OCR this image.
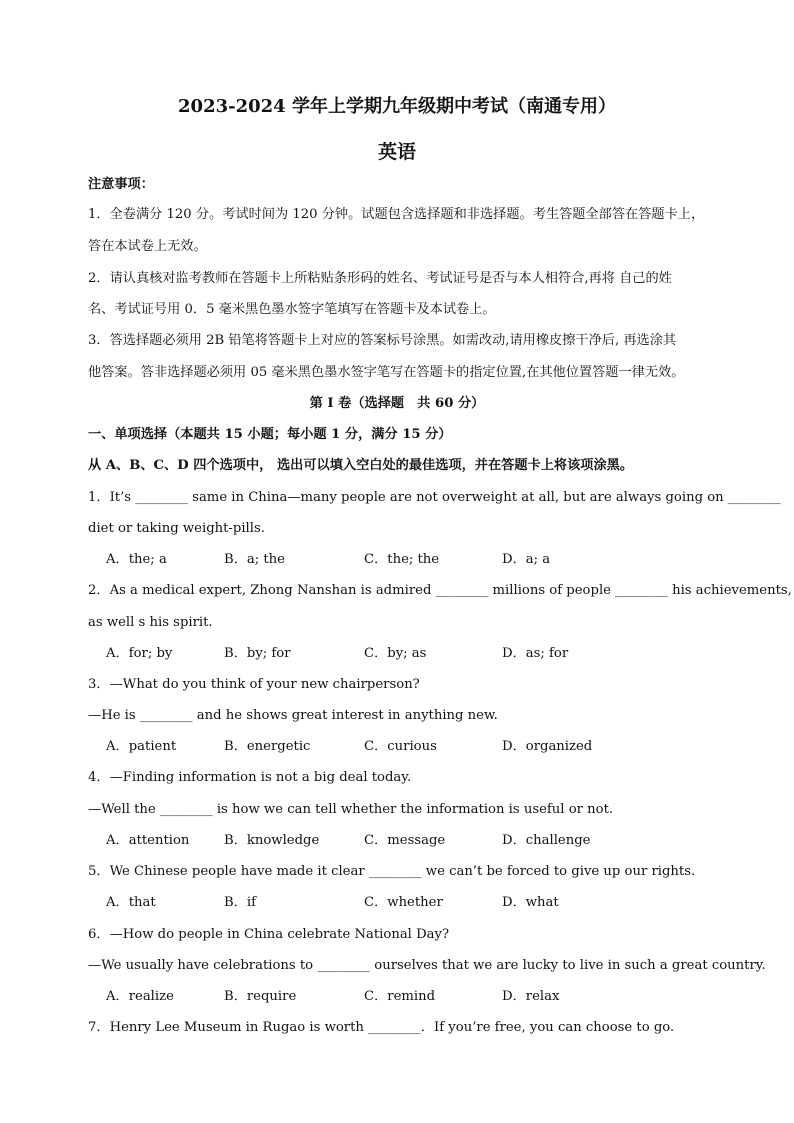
2023-2024 学年上学期九年级期中考试（南通专用）
英语
注意事项：
1．全卷满分 120 分。考试时间为 120 分钟。试题包含选择题和非选择题。考生答题全部答在答题卡上，
答在本试卷上无效。
2．请认真核对监考教师在答题卡上所粘贴条形码的姓名、考试证号是否与本人相符合,再将 自己的姓
名、考试证号用 0．5 毫米黑色墨水签字笔填写在答题卡及本试卷上。
3．答选择题必须用 2B 铅笔将答题卡上对应的答案标号涂黑。如需改动,请用橡皮擦干净后, 再选涂其
他答案。答非选择题必须用 05 毫米黑色墨水签字笔写在答题卡的指定位置,在其他位置答题一律无效。
第 I 卷（选择题　共 60 分）
一、单项选择（本题共 15 小题；每小题 1 分，满分 15 分）
从 A、B、C、D 四个选项中， 选出可以填入空白处的最佳选项，并在答题卡上将该项涂黑。
1．It’s ________ same in China—many people are not overweight at all, but are always going on ________
diet or taking weight-pills.
A．the; a	B．a; the	C．the; the	D．a; a
2．As a medical expert, Zhong Nanshan is admired ________ millions of people ________ his achievements,
as well s his spirit.
A．for; by	B．by; for	C．by; as	D．as; for
3．—What do you think of your new chairperson?
—He is ________ and he shows great interest in anything new.
A．patient	B．energetic	C．curious	D．organized
4．—Finding information is not a big deal today.
—Well the ________ is how we can tell whether the information is useful or not.
A．attention	B．knowledge	C．message	D．challenge
5．We Chinese people have made it clear ________ we can’t be forced to give up our rights.
A．that	B．if	C．whether	D．what
6．—How do people in China celebrate National Day?
—We usually have celebrations to ________ ourselves that we are lucky to live in such a great country.
A．realize	B．require	C．remind	D．relax
7．Henry Lee Museum in Rugao is worth ________．If you’re free, you can choose to go.
